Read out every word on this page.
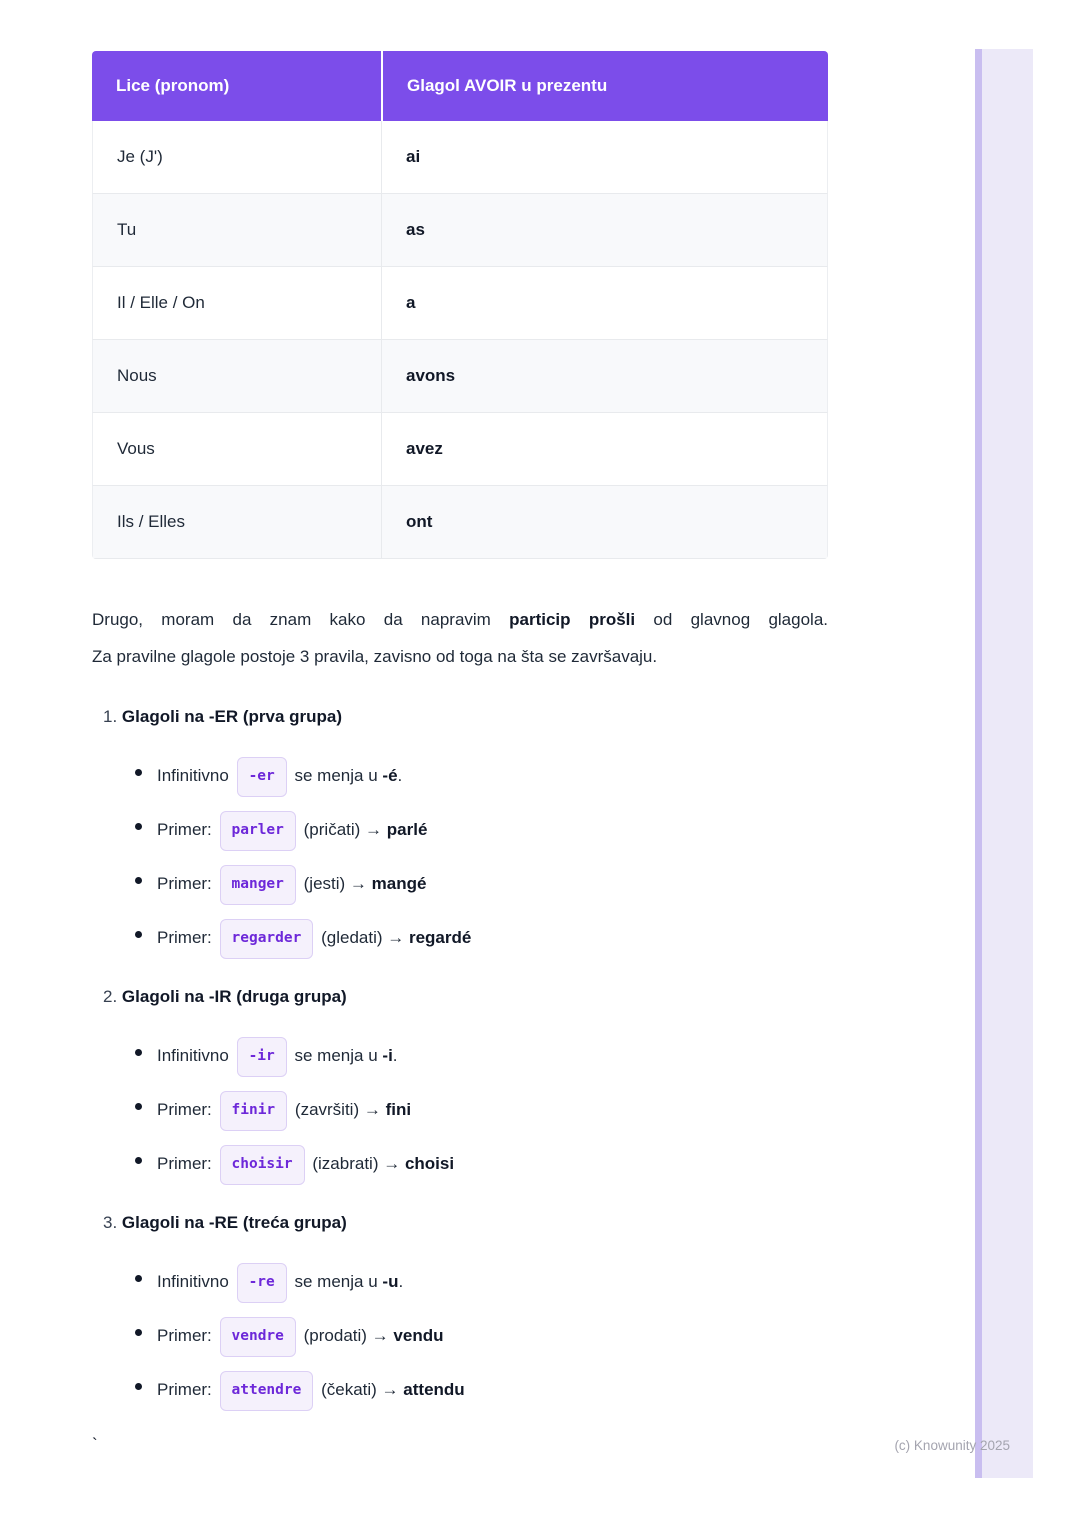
Lice (pronom)	Glagol AVOIR u prezentu
Je (J')	ai
Tu	as
Il / Elle / On	a
Nous	avons
Vous	avez
Ils / Elles	ont
Drugo, moram da znam kako da napravim particip prošli od glavnog glagola.
Za pravilne glagole postoje 3 pravila, zavisno od toga na šta se završavaju.
1. Glagoli na -ER (prva grupa)
Infinitivno -er se menja u -é.
Primer: parler (pričati) → parlé
Primer: manger (jesti) → mangé
Primer: regarder (gledati) → regardé
2. Glagoli na -IR (druga grupa)
Infinitivno -ir se menja u -i.
Primer: finir (završiti) → fini
Primer: choisir (izabrati) → choisi
3. Glagoli na -RE (treća grupa)
Infinitivno -re se menja u -u.
Primer: vendre (prodati) → vendu
Primer: attendre (čekati) → attendu
`	(c) Knowunity 2025
